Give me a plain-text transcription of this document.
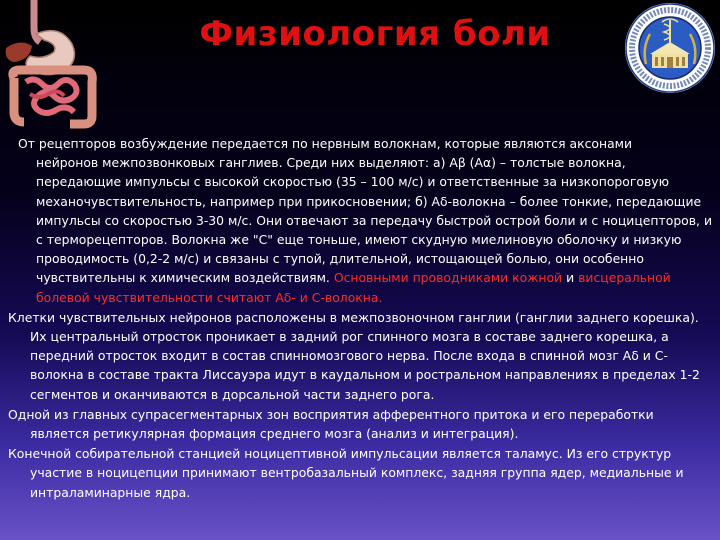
Физиология боли

От рецепторов возбуждение передается по нервным волокнам, которые являются аксонами
нейронов межпозвонковых ганглиев. Среди них выделяют: а) Aβ (Aα) – толстые волокна, передающие импульсы с высокой скоростью (35 – 100 м/с) и ответственные за низкопороговую механочувствительность, например при прикосновении; б) Aδ-волокна – более тонкие, передающие импульсы со скоростью 3-30 м/с. Они отвечают за передачу быстрой острой боли и с ноцицепторов, и с терморецепторов. Волокна же "С" еще тоньше, имеют скудную миелиновую оболочку и низкую проводимость (0,2-2 м/с) и связаны с тупой, длительной, истощающей болью, они особенно чувствительны к химическим воздействиям. Основными проводниками кожной и висцеральной болевой чувствительности считают Aδ- и С-волокна.

Клетки чувствительных нейронов расположены в межпозвоночном ганглии (ганглии заднего корешка). Их центральный отросток проникает в задний рог спинного мозга в составе заднего корешка, а передний отросток входит в состав спинномозгового нерва. После входа в спинной мозг Aδ и С- волокна в составе тракта Лиссауэра идут в каудальном и ростральном направлениях в пределах 1-2 сегментов и оканчиваются в дорсальной части заднего рога.

Одной из главных супрасегментарных зон восприятия афферентного притока и его переработки является ретикулярная формация среднего мозга (анализ и интеграция).

Конечной собирательной станцией ноцицептивной импульсации является таламус. Из его структур участие в ноцицепции принимают вентробазальный комплекс, задняя группа ядер, медиальные и интраламинарные ядра.
